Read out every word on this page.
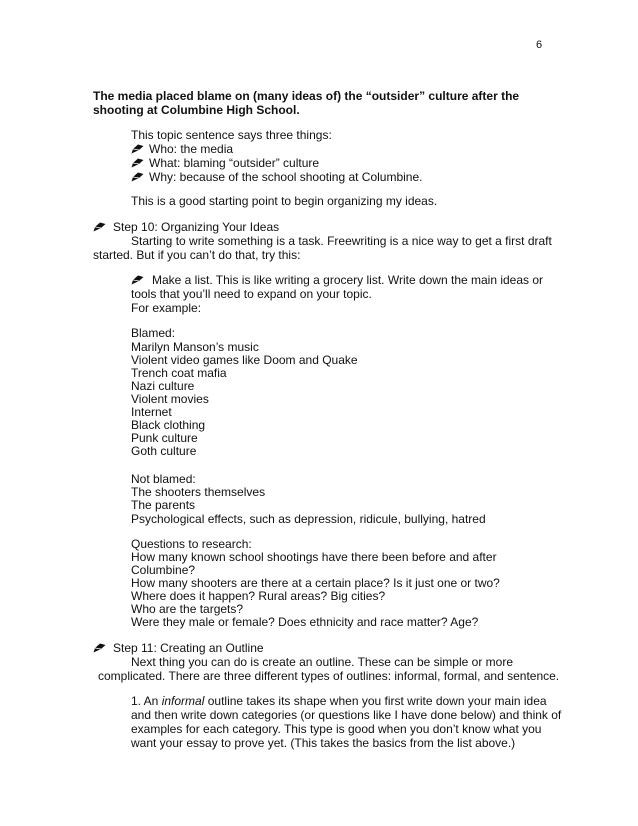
6
The media placed blame on (many ideas of) the “outsider” culture after the
shooting at Columbine High School.
This topic sentence says three things:
Who: the media
What: blaming “outsider” culture
Why: because of the school shooting at Columbine.
This is a good starting point to begin organizing my ideas.
Step 10: Organizing Your Ideas
Starting to write something is a task. Freewriting is a nice way to get a first draft
started. But if you can’t do that, try this:
Make a list. This is like writing a grocery list. Write down the main ideas or
tools that you’ll need to expand on your topic.
For example:
Blamed:
Marilyn Manson’s music
Violent video games like Doom and Quake
Trench coat mafia
Nazi culture
Violent movies
Internet
Black clothing
Punk culture
Goth culture
Not blamed:
The shooters themselves
The parents
Psychological effects, such as depression, ridicule, bullying, hatred
Questions to research:
How many known school shootings have there been before and after
Columbine?
How many shooters are there at a certain place? Is it just one or two?
Where does it happen? Rural areas? Big cities?
Who are the targets?
Were they male or female? Does ethnicity and race matter? Age?
Step 11: Creating an Outline
Next thing you can do is create an outline. These can be simple or more
complicated. There are three different types of outlines: informal, formal, and sentence.
1. An informal outline takes its shape when you first write down your main idea
and then write down categories (or questions like I have done below) and think of
examples for each category. This type is good when you don’t know what you
want your essay to prove yet. (This takes the basics from the list above.)
